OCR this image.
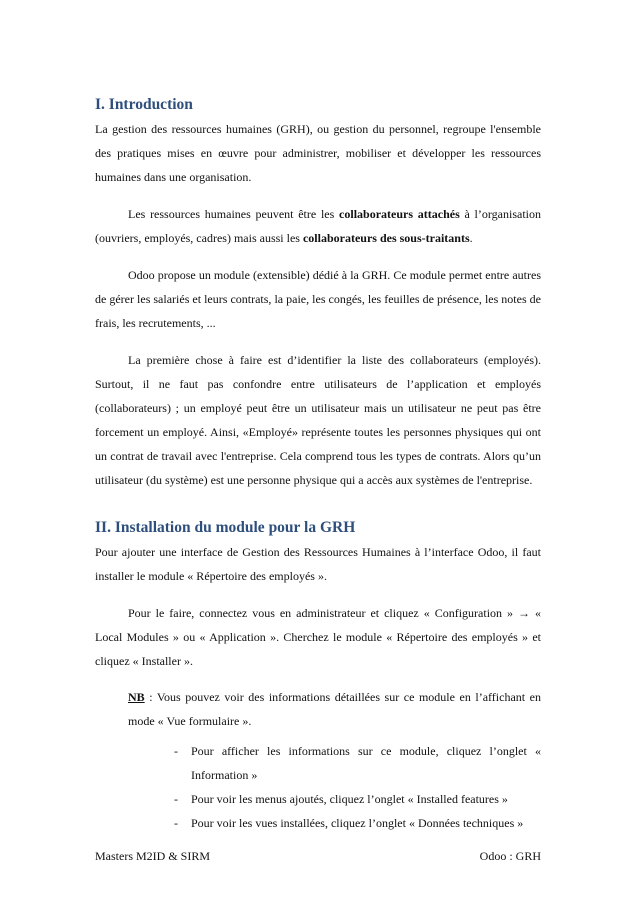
I. Introduction

La gestion des ressources humaines (GRH), ou gestion du personnel, regroupe l'ensemble des pratiques mises en œuvre pour administrer, mobiliser et développer les ressources humaines dans une organisation.

Les ressources humaines peuvent être les collaborateurs attachés à l’organisation (ouvriers, employés, cadres) mais aussi les collaborateurs des sous-traitants.

Odoo propose un module (extensible) dédié à la GRH. Ce module permet entre autres de gérer les salariés et leurs contrats, la paie, les congés, les feuilles de présence, les notes de frais, les recrutements, ...

La première chose à faire est d’identifier la liste des collaborateurs (employés). Surtout, il ne faut pas confondre entre utilisateurs de l’application et employés (collaborateurs) ; un employé peut être un utilisateur mais un utilisateur ne peut pas être forcement un employé. Ainsi, «Employé» représente toutes les personnes physiques qui ont un contrat de travail avec l'entreprise. Cela comprend tous les types de contrats. Alors qu’un utilisateur (du système) est une personne physique qui a accès aux systèmes de l'entreprise.

II. Installation du module pour la GRH

Pour ajouter une interface de Gestion des Ressources Humaines à l’interface Odoo, il faut installer le module « Répertoire des employés ».

Pour le faire, connectez vous en administrateur et cliquez « Configuration » → « Local Modules » ou « Application ». Cherchez le module « Répertoire des employés » et cliquez « Installer ».

NB : Vous pouvez voir des informations détaillées sur ce module en l’affichant en mode « Vue formulaire ».

- Pour afficher les informations sur ce module, cliquez l’onglet « Information »
- Pour voir les menus ajoutés, cliquez l’onglet « Installed features »
- Pour voir les vues installées, cliquez l’onglet « Données techniques »
Masters M2ID & SIRM	Odoo : GRH
